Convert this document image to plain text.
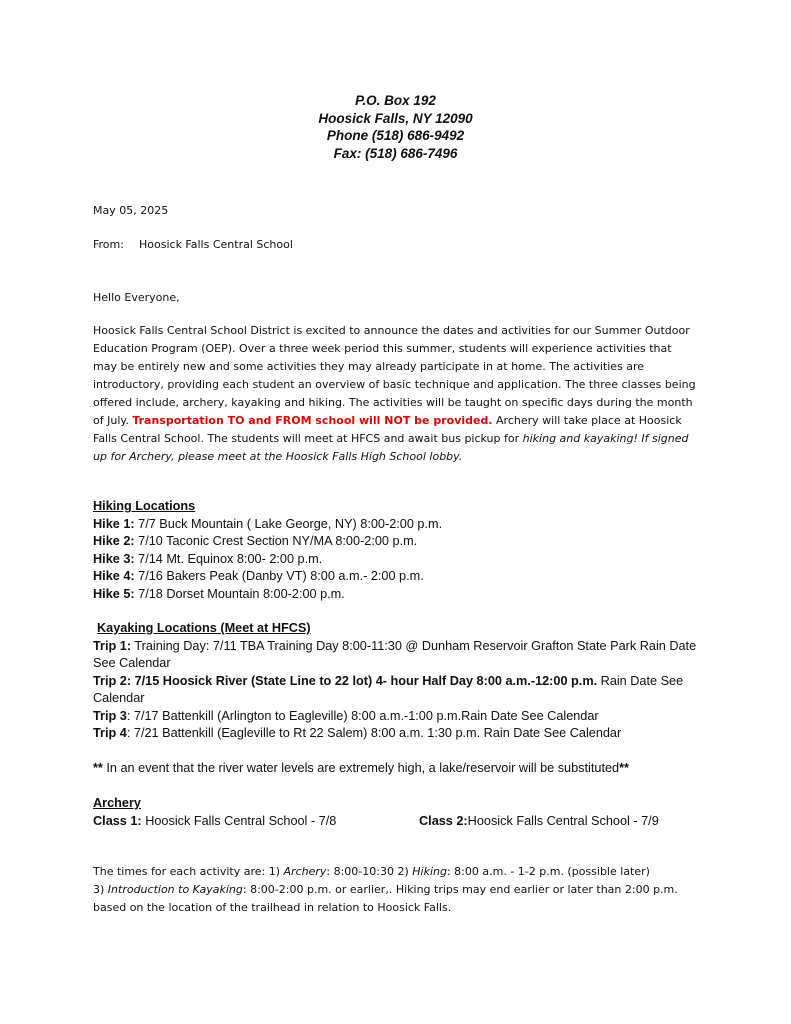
P.O. Box 192
Hoosick Falls, NY 12090
Phone (518) 686-9492
Fax: (518) 686-7496
May 05, 2025
From: Hoosick Falls Central School
Hello Everyone,
Hoosick Falls Central School District is excited to announce the dates and activities for our Summer Outdoor Education Program (OEP). Over a three week period this summer, students will experience activities that may be entirely new and some activities they may already participate in at home. The activities are introductory, providing each student an overview of basic technique and application. The three classes being offered include, archery, kayaking and hiking. The activities will be taught on specific days during the month of July. Transportation TO and FROM school will NOT be provided. Archery will take place at Hoosick Falls Central School. The students will meet at HFCS and await bus pickup for hiking and kayaking! If signed up for Archery, please meet at the Hoosick Falls High School lobby.
Hiking Locations
Hike 1: 7/7 Buck Mountain ( Lake George, NY) 8:00-2:00 p.m.
Hike 2: 7/10 Taconic Crest Section NY/MA 8:00-2:00 p.m.
Hike 3: 7/14 Mt. Equinox 8:00- 2:00 p.m.
Hike 4: 7/16 Bakers Peak (Danby VT) 8:00 a.m.- 2:00 p.m.
Hike 5: 7/18 Dorset Mountain 8:00-2:00 p.m.
Kayaking Locations (Meet at HFCS)
Trip 1: Training Day: 7/11 TBA Training Day 8:00-11:30 @ Dunham Reservoir Grafton State Park Rain Date See Calendar
Trip 2: 7/15 Hoosick River (State Line to 22 lot) 4- hour Half Day 8:00 a.m.-12:00 p.m. Rain Date See Calendar
Trip 3: 7/17 Battenkill (Arlington to Eagleville) 8:00 a.m.-1:00 p.m.Rain Date See Calendar
Trip 4: 7/21 Battenkill (Eagleville to Rt 22 Salem) 8:00 a.m. 1:30 p.m. Rain Date See Calendar
** In an event that the river water levels are extremely high, a lake/reservoir will be substituted**
Archery
Class 1: Hoosick Falls Central School - 7/8	Class 2:Hoosick Falls Central School - 7/9
The times for each activity are: 1) Archery: 8:00-10:30 2) Hiking: 8:00 a.m. - 1-2 p.m. (possible later)
3) Introduction to Kayaking: 8:00-2:00 p.m. or earlier,. Hiking trips may end earlier or later than 2:00 p.m. based on the location of the trailhead in relation to Hoosick Falls.
